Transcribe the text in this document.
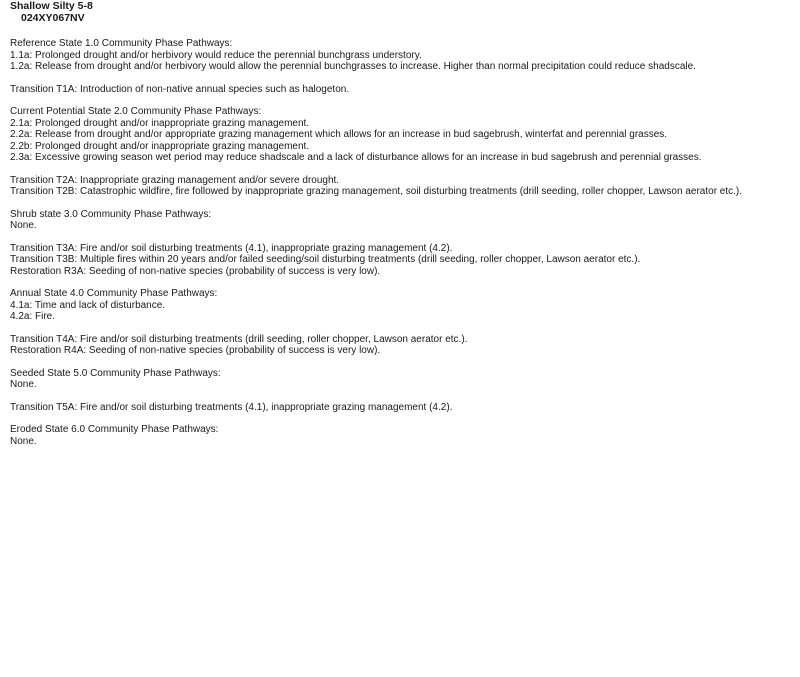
Shallow Silty 5-8
024XY067NV
Reference State 1.0 Community Phase Pathways:
1.1a: Prolonged drought and/or herbivory would reduce the perennial bunchgrass understory.
1.2a: Release from drought and/or herbivory would allow the perennial bunchgrasses to increase. Higher than normal precipitation could reduce shadscale.
Transition T1A: Introduction of non-native annual species such as halogeton.
Current Potential State 2.0 Community Phase Pathways:
2.1a: Prolonged drought and/or inappropriate grazing management.
2.2a: Release from drought and/or appropriate grazing management which allows for an increase in bud sagebrush, winterfat and perennial grasses.
2.2b: Prolonged drought and/or inappropriate grazing management.
2.3a: Excessive growing season wet period may reduce shadscale and a lack of disturbance allows for an increase in bud sagebrush and perennial grasses.
Transition T2A: Inappropriate grazing management and/or severe drought.
Transition T2B: Catastrophic wildfire, fire followed by inappropriate grazing management, soil disturbing treatments (drill seeding, roller chopper, Lawson aerator etc.).
Shrub state 3.0 Community Phase Pathways:
None.
Transition T3A: Fire and/or soil disturbing treatments (4.1), inappropriate grazing management (4.2).
Transition T3B: Multiple fires within 20 years and/or failed seeding/soil disturbing treatments (drill seeding, roller chopper, Lawson aerator etc.).
Restoration R3A: Seeding of non-native species (probability of success is very low).
Annual State 4.0 Community Phase Pathways:
4.1a: Time and lack of disturbance.
4.2a: Fire.
Transition T4A: Fire and/or soil disturbing treatments (drill seeding, roller chopper, Lawson aerator etc.).
Restoration R4A: Seeding of non-native species (probability of success is very low).
Seeded State 5.0 Community Phase Pathways:
None.
Transition T5A: Fire and/or soil disturbing treatments (4.1), inappropriate grazing management (4.2).
Eroded State 6.0 Community Phase Pathways:
None.
